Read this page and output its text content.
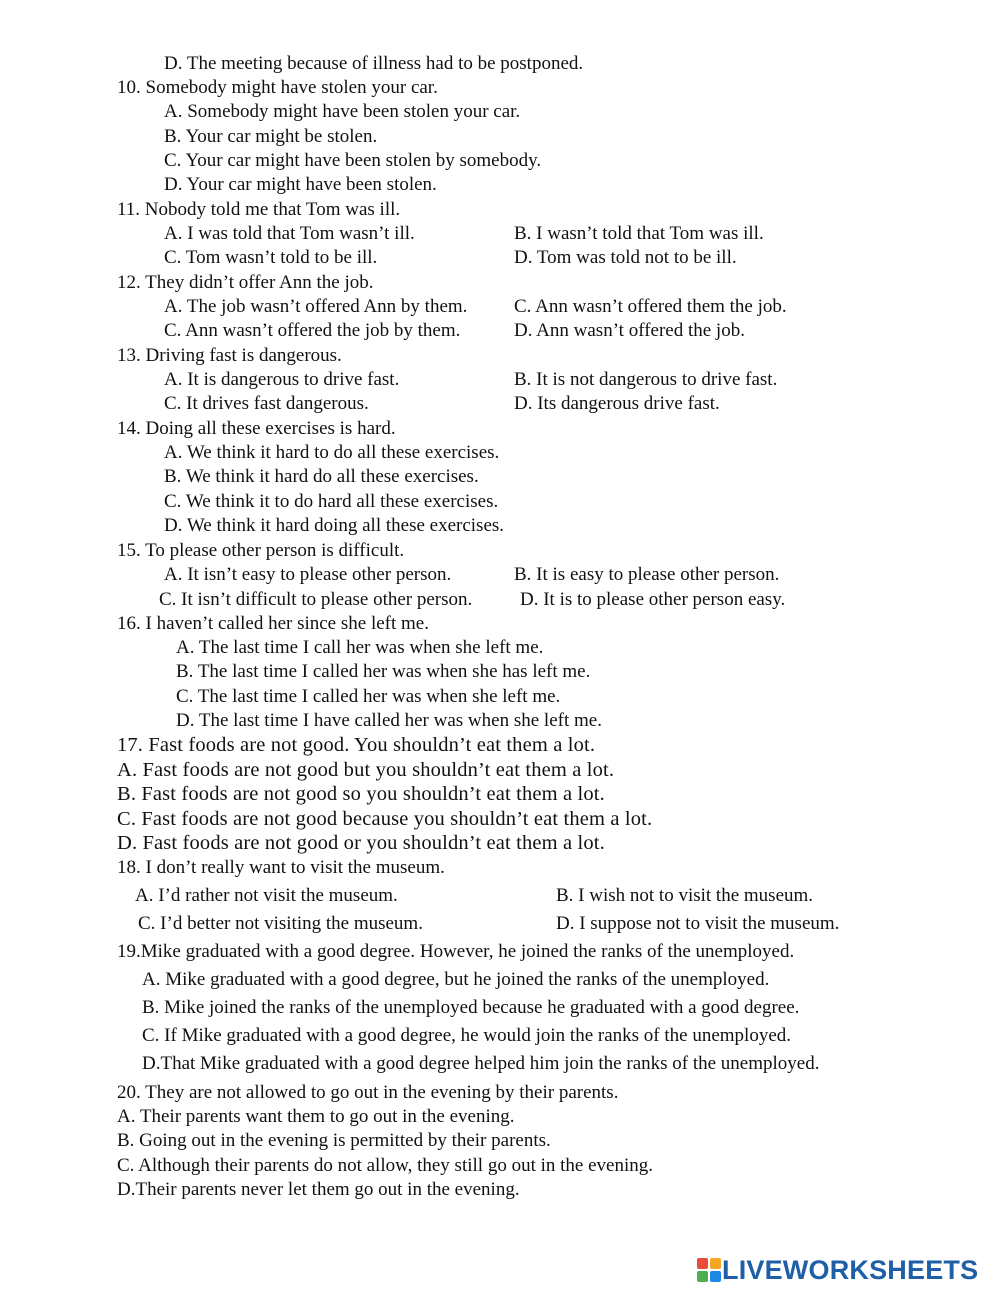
D. The meeting because of illness had to be postponed.
10. Somebody might have stolen your car.
A. Somebody might have been stolen your car.
B. Your car might be stolen.
C. Your car might have been stolen by somebody.
D. Your car might have been stolen.
11. Nobody told me that Tom was ill.
A. I was told that Tom wasn’t ill.	B. I wasn’t told that Tom was ill.
C. Tom wasn’t told to be ill.	D. Tom was told not to be ill.
12. They didn’t offer Ann the job.
A. The job wasn’t offered Ann by them. C. Ann wasn’t offered them the job.
C. Ann wasn’t offered the job by them.	D. Ann wasn’t offered the job.
13. Driving fast is dangerous.
A. It is dangerous to drive fast.	B. It is not dangerous to drive fast.
C. It drives fast dangerous.	D. Its dangerous drive fast.
14. Doing all these exercises is hard.
A. We think it hard to do all these exercises.
B. We think it hard do all these exercises.
C. We think it to do hard all these exercises.
D. We think it hard doing all these exercises.
15. To please other person is difficult.
A. It isn’t easy to please other person.	B. It is easy to please other person.
C. It isn’t difficult to please other person.	D. It is to please other person easy.
16. I haven’t called her since she left me.
A. The last time I call her was when she left me.
B. The last time I called her was when she has left me.
C. The last time I called her was when she left me.
D. The last time I have called her was when she left me.
17. Fast foods are not good. You shouldn’t eat them a lot.
A. Fast foods are not good but you shouldn’t eat them a lot.
B. Fast foods are not good so you shouldn’t eat them a lot.
C. Fast foods are not good because you shouldn’t eat them a lot.
D. Fast foods are not good or you shouldn’t eat them a lot.
18. I don’t really want to visit the museum.
A. I’d rather not visit the museum.	B. I wish not to visit the museum.
C. I’d better not visiting the museum.	D. I suppose not to visit the museum.
19.Mike graduated with a good degree. However, he joined the ranks of the unemployed.
A. Mike graduated with a good degree, but he joined the ranks of the unemployed.
B. Mike joined the ranks of the unemployed because he graduated with a good degree.
C. If Mike graduated with a good degree, he would join the ranks of the unemployed.
D.That Mike graduated with a good degree helped him join the ranks of the unemployed.
20. They are not allowed to go out in the evening by their parents.
A. Their parents want them to go out in the evening.
B. Going out in the evening is permitted by their parents.
C. Although their parents do not allow, they still go out in the evening.
D.Their parents never let them go out in the evening.
LIVEWORKSHEETS
